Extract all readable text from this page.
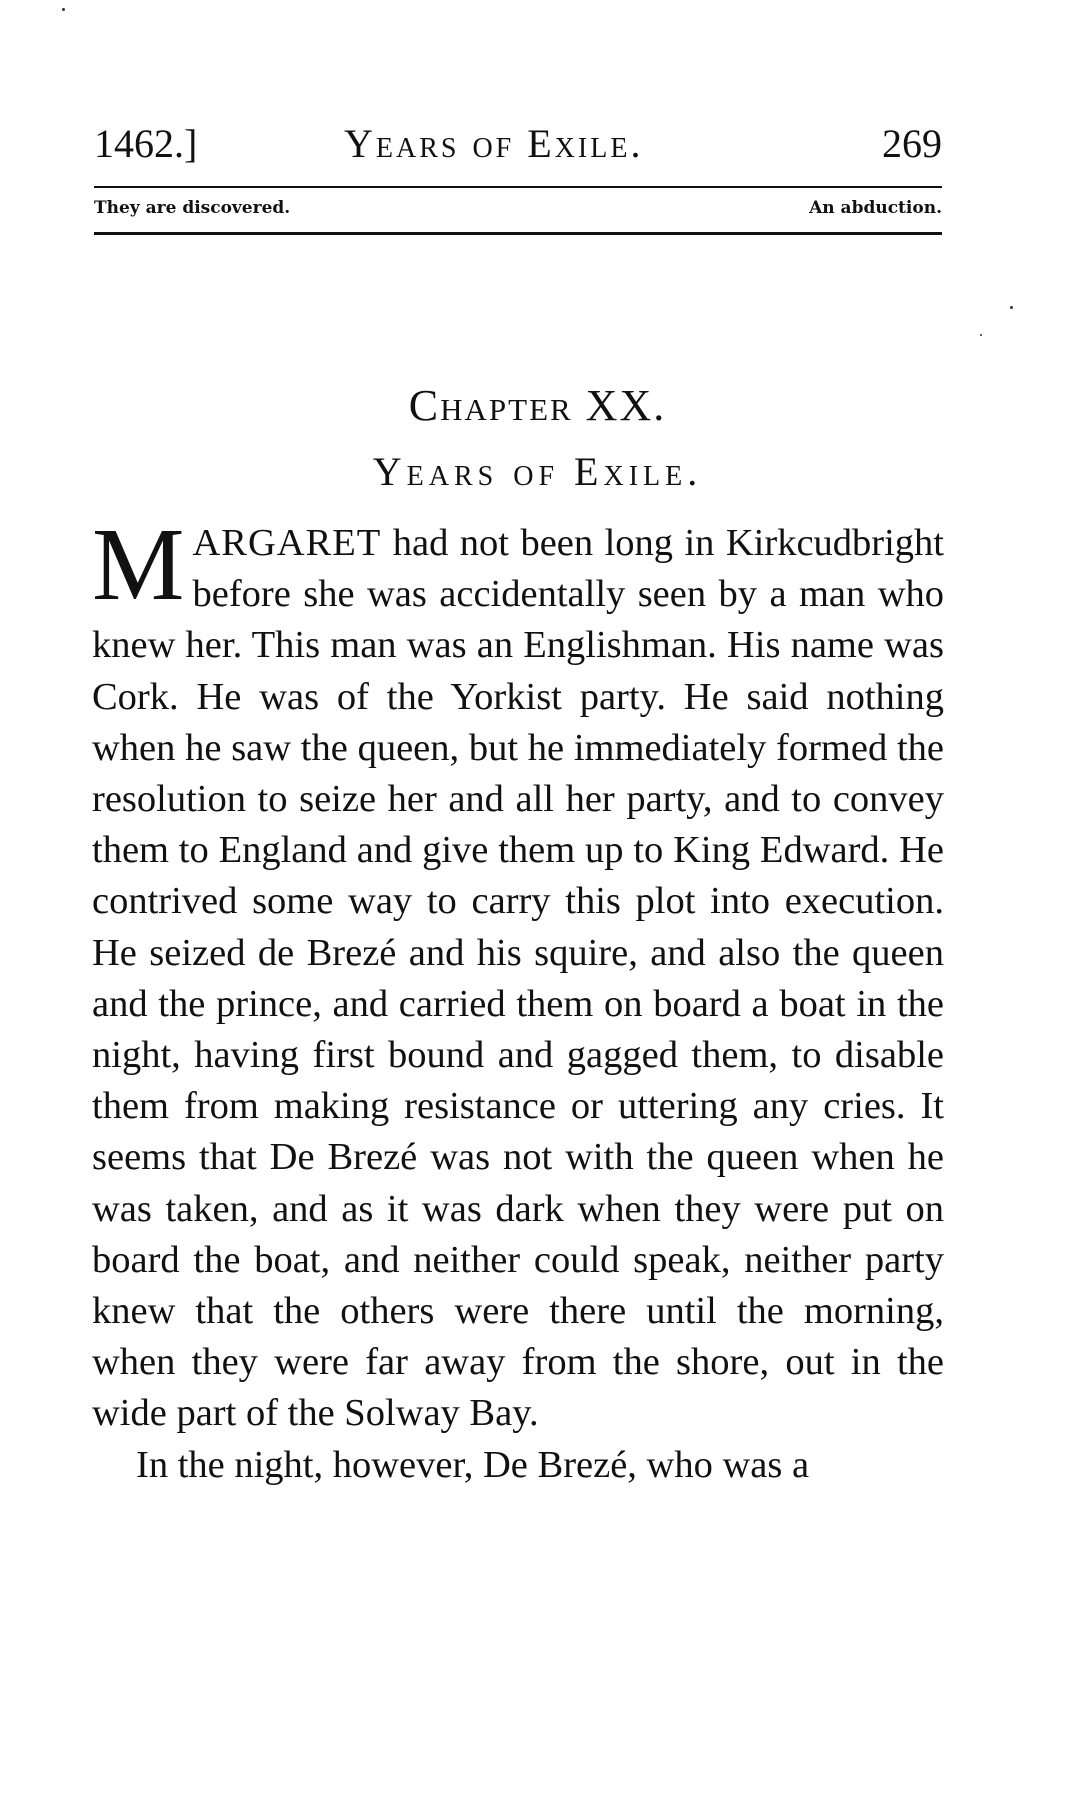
1462.]	Years of Exile.	269
They are discovered.	An abduction.
Chapter XX.
Years of Exile.

MARGARET had not been long in Kirkcudbright before she was accidentally seen by a man who knew her. This man was an Englishman. His name was Cork. He was of the Yorkist party. He said nothing when he saw the queen, but he immediately formed the resolution to seize her and all her party, and to convey them to England and give them up to King Edward. He contrived some way to carry this plot into execution. He seized de Brezé and his squire, and also the queen and the prince, and carried them on board a boat in the night, having first bound and gagged them, to disable them from making resistance or uttering any cries. It seems that De Brezé was not with the queen when he was taken, and as it was dark when they were put on board the boat, and neither could speak, neither party knew that the others were there until the morning, when they were far away from the shore, out in the wide part of the Solway Bay.

In the night, however, De Brezé, who was a
